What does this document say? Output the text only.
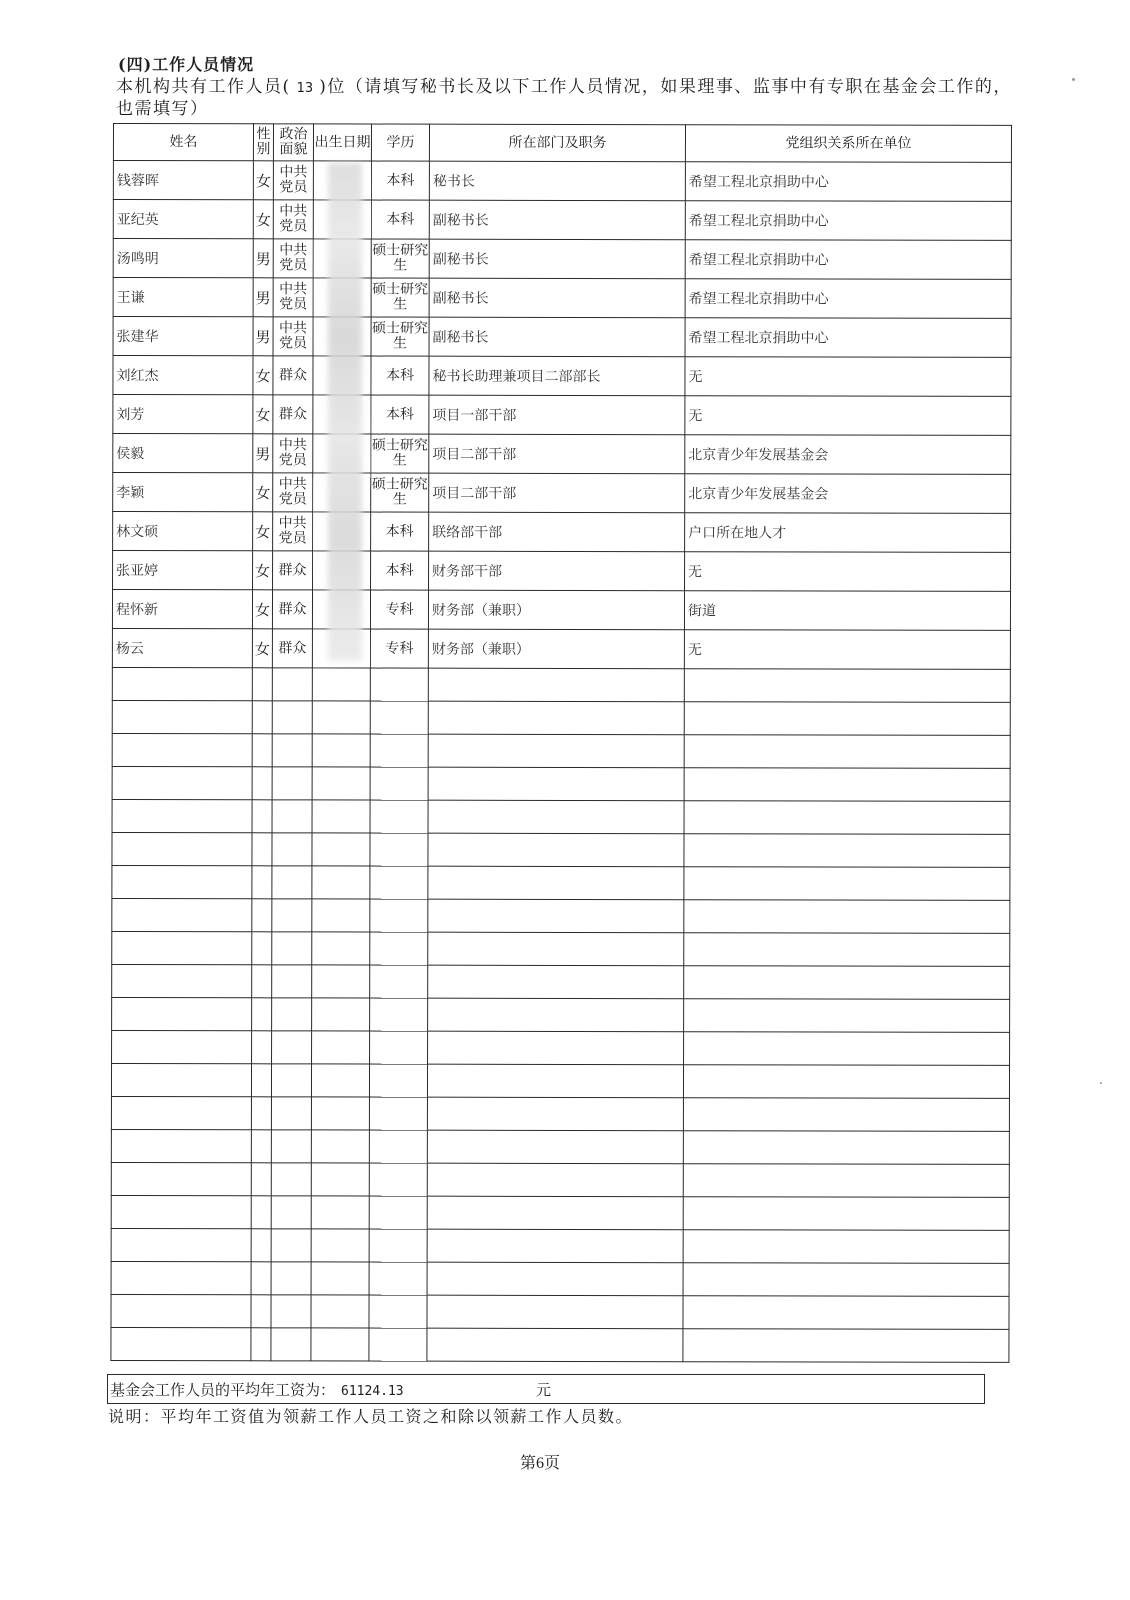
(四)工作人员情况
本机构共有工作人员( 13 )位（请填写秘书长及以下工作人员情况，如果理事、监事中有专职在基金会工作的，也需填写）
姓名	性别	政治面貌	出生日期	学历	所在部门及职务	党组织关系所在单位
钱蓉晖	女	中共党员		本科	秘书长	希望工程北京捐助中心
亚纪英	女	中共党员		本科	副秘书长	希望工程北京捐助中心
汤鸣明	男	中共党员		硕士研究生	副秘书长	希望工程北京捐助中心
王谦	男	中共党员		硕士研究生	副秘书长	希望工程北京捐助中心
张建华	男	中共党员		硕士研究生	副秘书长	希望工程北京捐助中心
刘红杰	女	群众		本科	秘书长助理兼项目二部部长	无
刘芳	女	群众		本科	项目一部干部	无
侯毅	男	中共党员		硕士研究生	项目二部干部	北京青少年发展基金会
李颖	女	中共党员		硕士研究生	项目二部干部	北京青少年发展基金会
林文硕	女	中共党员		本科	联络部干部	户口所在地人才
张亚婷	女	群众		本科	财务部干部	无
程怀新	女	群众		专科	财务部（兼职）	街道
杨云	女	群众		专科	财务部（兼职）	无

基金会工作人员的平均年工资为： 61124.13	元
说明：平均年工资值为领薪工作人员工资之和除以领薪工作人员数。
第6页
